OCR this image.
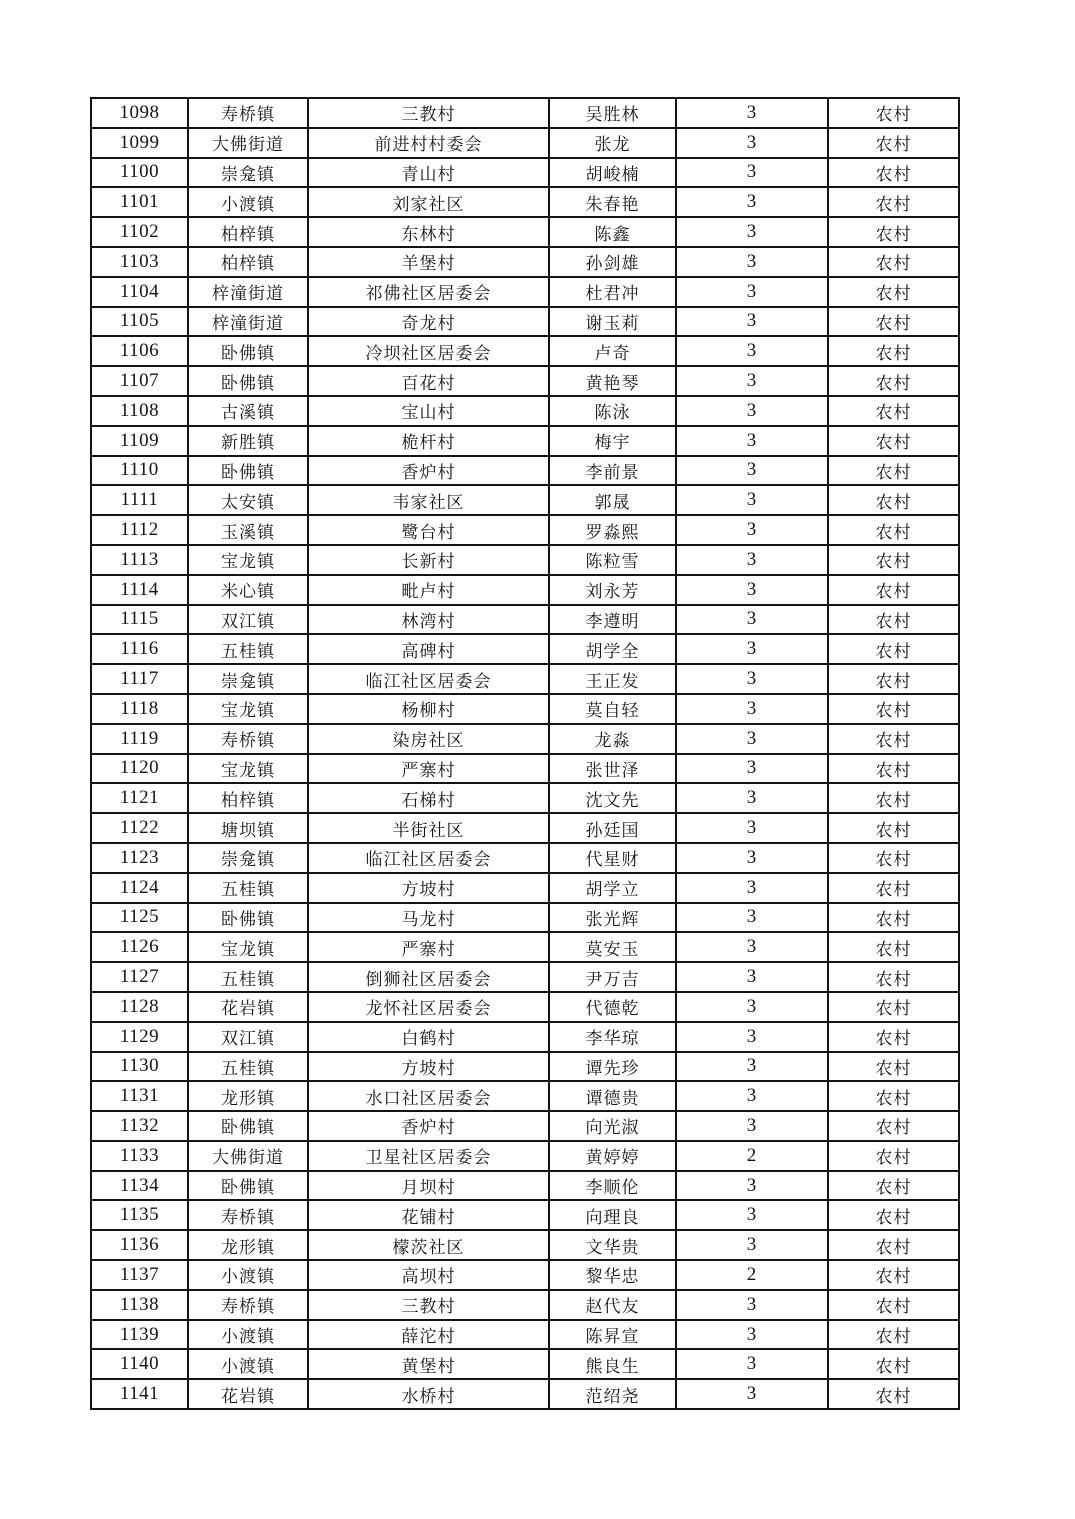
1098	寿桥镇	三教村	吴胜林	3	农村
1099	大佛街道	前进村村委会	张龙	3	农村
1100	崇龛镇	青山村	胡峻楠	3	农村
1101	小渡镇	刘家社区	朱春艳	3	农村
1102	柏梓镇	东林村	陈鑫	3	农村
1103	柏梓镇	羊堡村	孙剑雄	3	农村
1104	梓潼街道	祁佛社区居委会	杜君冲	3	农村
1105	梓潼街道	奇龙村	谢玉莉	3	农村
1106	卧佛镇	冷坝社区居委会	卢奇	3	农村
1107	卧佛镇	百花村	黄艳琴	3	农村
1108	古溪镇	宝山村	陈泳	3	农村
1109	新胜镇	桅杆村	梅宇	3	农村
1110	卧佛镇	香炉村	李前景	3	农村
1111	太安镇	韦家社区	郭晟	3	农村
1112	玉溪镇	鹭台村	罗淼熙	3	农村
1113	宝龙镇	长新村	陈粒雪	3	农村
1114	米心镇	毗卢村	刘永芳	3	农村
1115	双江镇	林湾村	李遵明	3	农村
1116	五桂镇	高碑村	胡学全	3	农村
1117	崇龛镇	临江社区居委会	王正发	3	农村
1118	宝龙镇	杨柳村	莫自轻	3	农村
1119	寿桥镇	染房社区	龙淼	3	农村
1120	宝龙镇	严寨村	张世泽	3	农村
1121	柏梓镇	石梯村	沈文先	3	农村
1122	塘坝镇	半街社区	孙廷国	3	农村
1123	崇龛镇	临江社区居委会	代星财	3	农村
1124	五桂镇	方坡村	胡学立	3	农村
1125	卧佛镇	马龙村	张光辉	3	农村
1126	宝龙镇	严寨村	莫安玉	3	农村
1127	五桂镇	倒狮社区居委会	尹万吉	3	农村
1128	花岩镇	龙怀社区居委会	代德乾	3	农村
1129	双江镇	白鹤村	李华琼	3	农村
1130	五桂镇	方坡村	谭先珍	3	农村
1131	龙形镇	水口社区居委会	谭德贵	3	农村
1132	卧佛镇	香炉村	向光淑	3	农村
1133	大佛街道	卫星社区居委会	黄婷婷	2	农村
1134	卧佛镇	月坝村	李顺伦	3	农村
1135	寿桥镇	花铺村	向理良	3	农村
1136	龙形镇	檬茨社区	文华贵	3	农村
1137	小渡镇	高坝村	黎华忠	2	农村
1138	寿桥镇	三教村	赵代友	3	农村
1139	小渡镇	薛沱村	陈昇宣	3	农村
1140	小渡镇	黄堡村	熊良生	3	农村
1141	花岩镇	水桥村	范绍尧	3	农村
